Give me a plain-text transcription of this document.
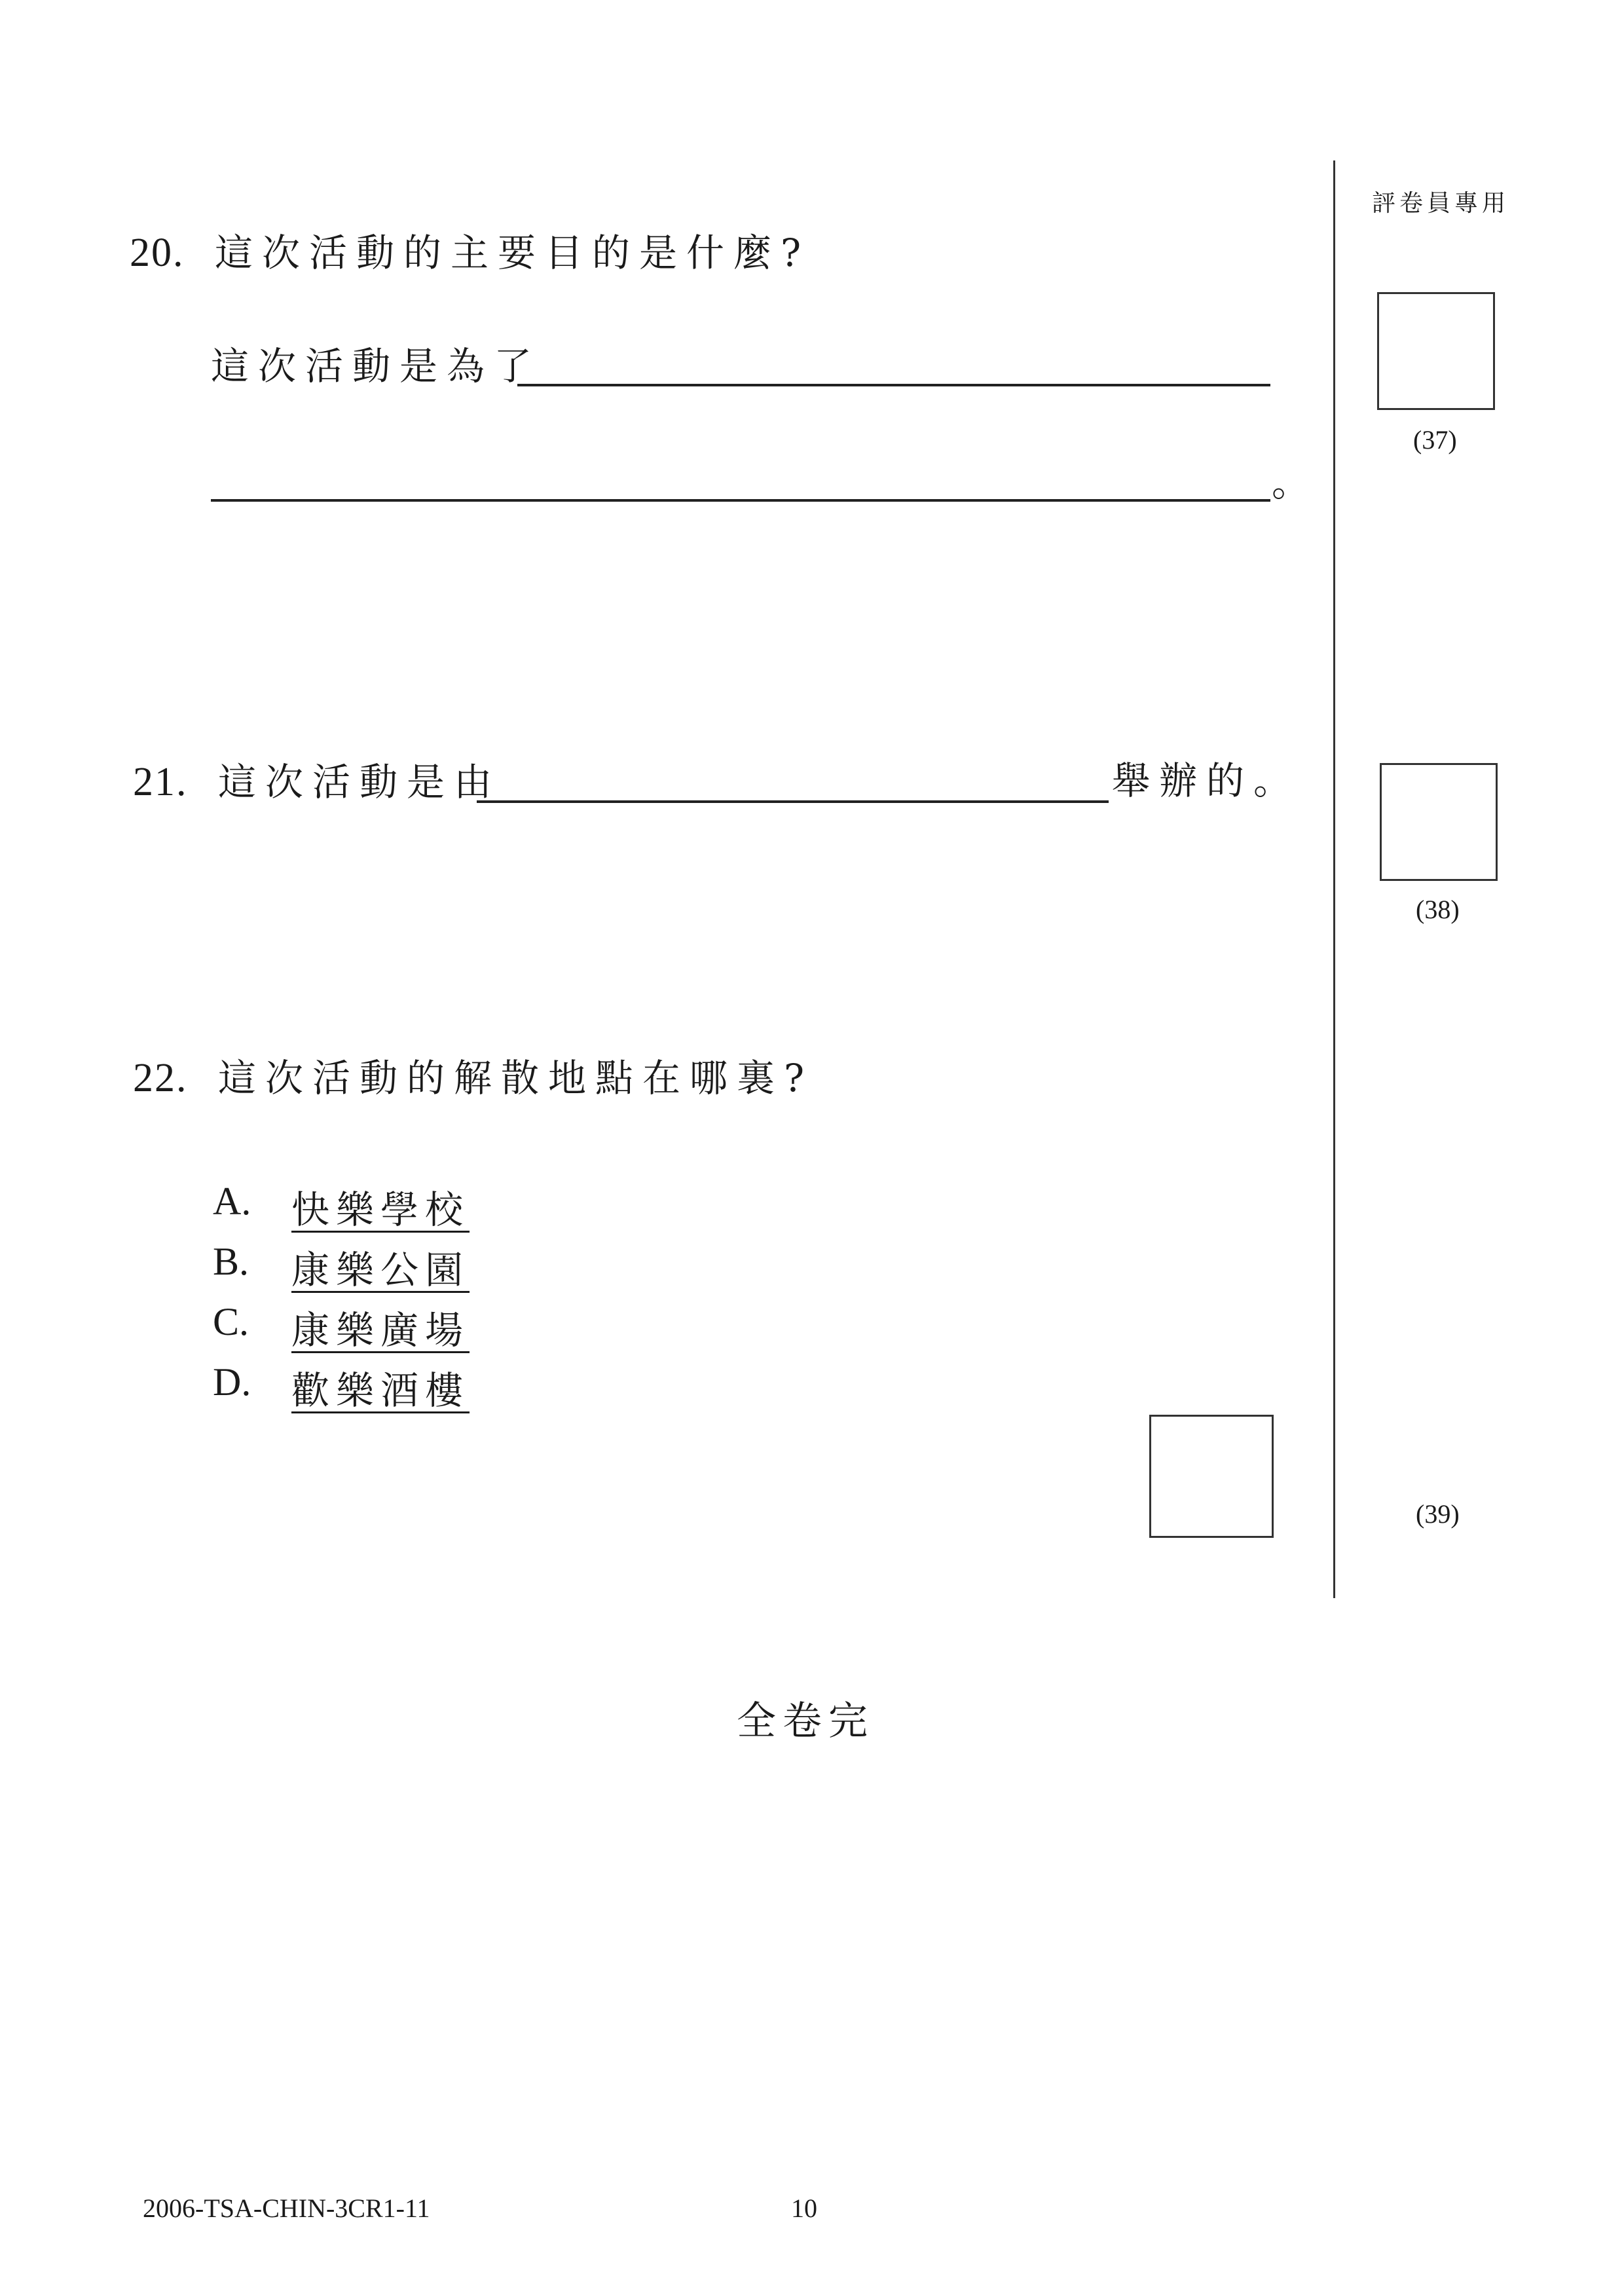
評卷員專用
20. 這次活動的主要目的是什麼?
這次活動是為了
。
(37)
21. 這次活動是由	舉辦的。
(38)
22. 這次活動的解散地點在哪裏?
A. 快樂學校
B. 康樂公園
C. 康樂廣場
D. 歡樂酒樓
(39)
全卷完
2006-TSA-CHIN-3CR1-11	10
